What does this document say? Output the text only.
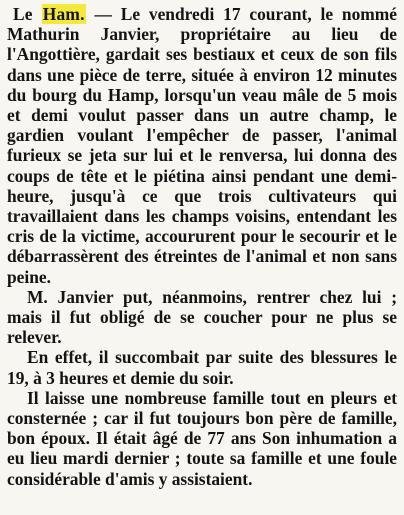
Le Ham. — Le vendredi 17 courant, le nommé Mathurin Janvier, propriétaire au lieu de l'Angottière, gardait ses bestiaux et ceux de son fils dans une pièce de terre, située à environ 12 minutes du bourg du Hamp, lorsqu'un veau mâle de 5 mois et demi voulut passer dans un autre champ, le gardien voulant l'empêcher de passer, l'animal furieux se jeta sur lui et le renversa, lui donna des coups de tête et le piétina ainsi pendant une demi-heure, jusqu'à ce que trois cultivateurs qui travaillaient dans les champs voisins, entendant les cris de la victime, accoururent pour le secourir et le débarrassèrent des étreintes de l'animal et non sans peine.

M. Janvier put, néanmoins, rentrer chez lui ; mais il fut obligé de se coucher pour ne plus se relever.

En effet, il succombait par suite des blessures le 19, à 3 heures et demie du soir.

Il laisse une nombreuse famille tout en pleurs et consternée ; car il fut toujours bon père de famille, bon époux. Il était âgé de 77 ans Son inhumation a eu lieu mardi dernier ; toute sa famille et une foule considérable d'amis y assistaient.
